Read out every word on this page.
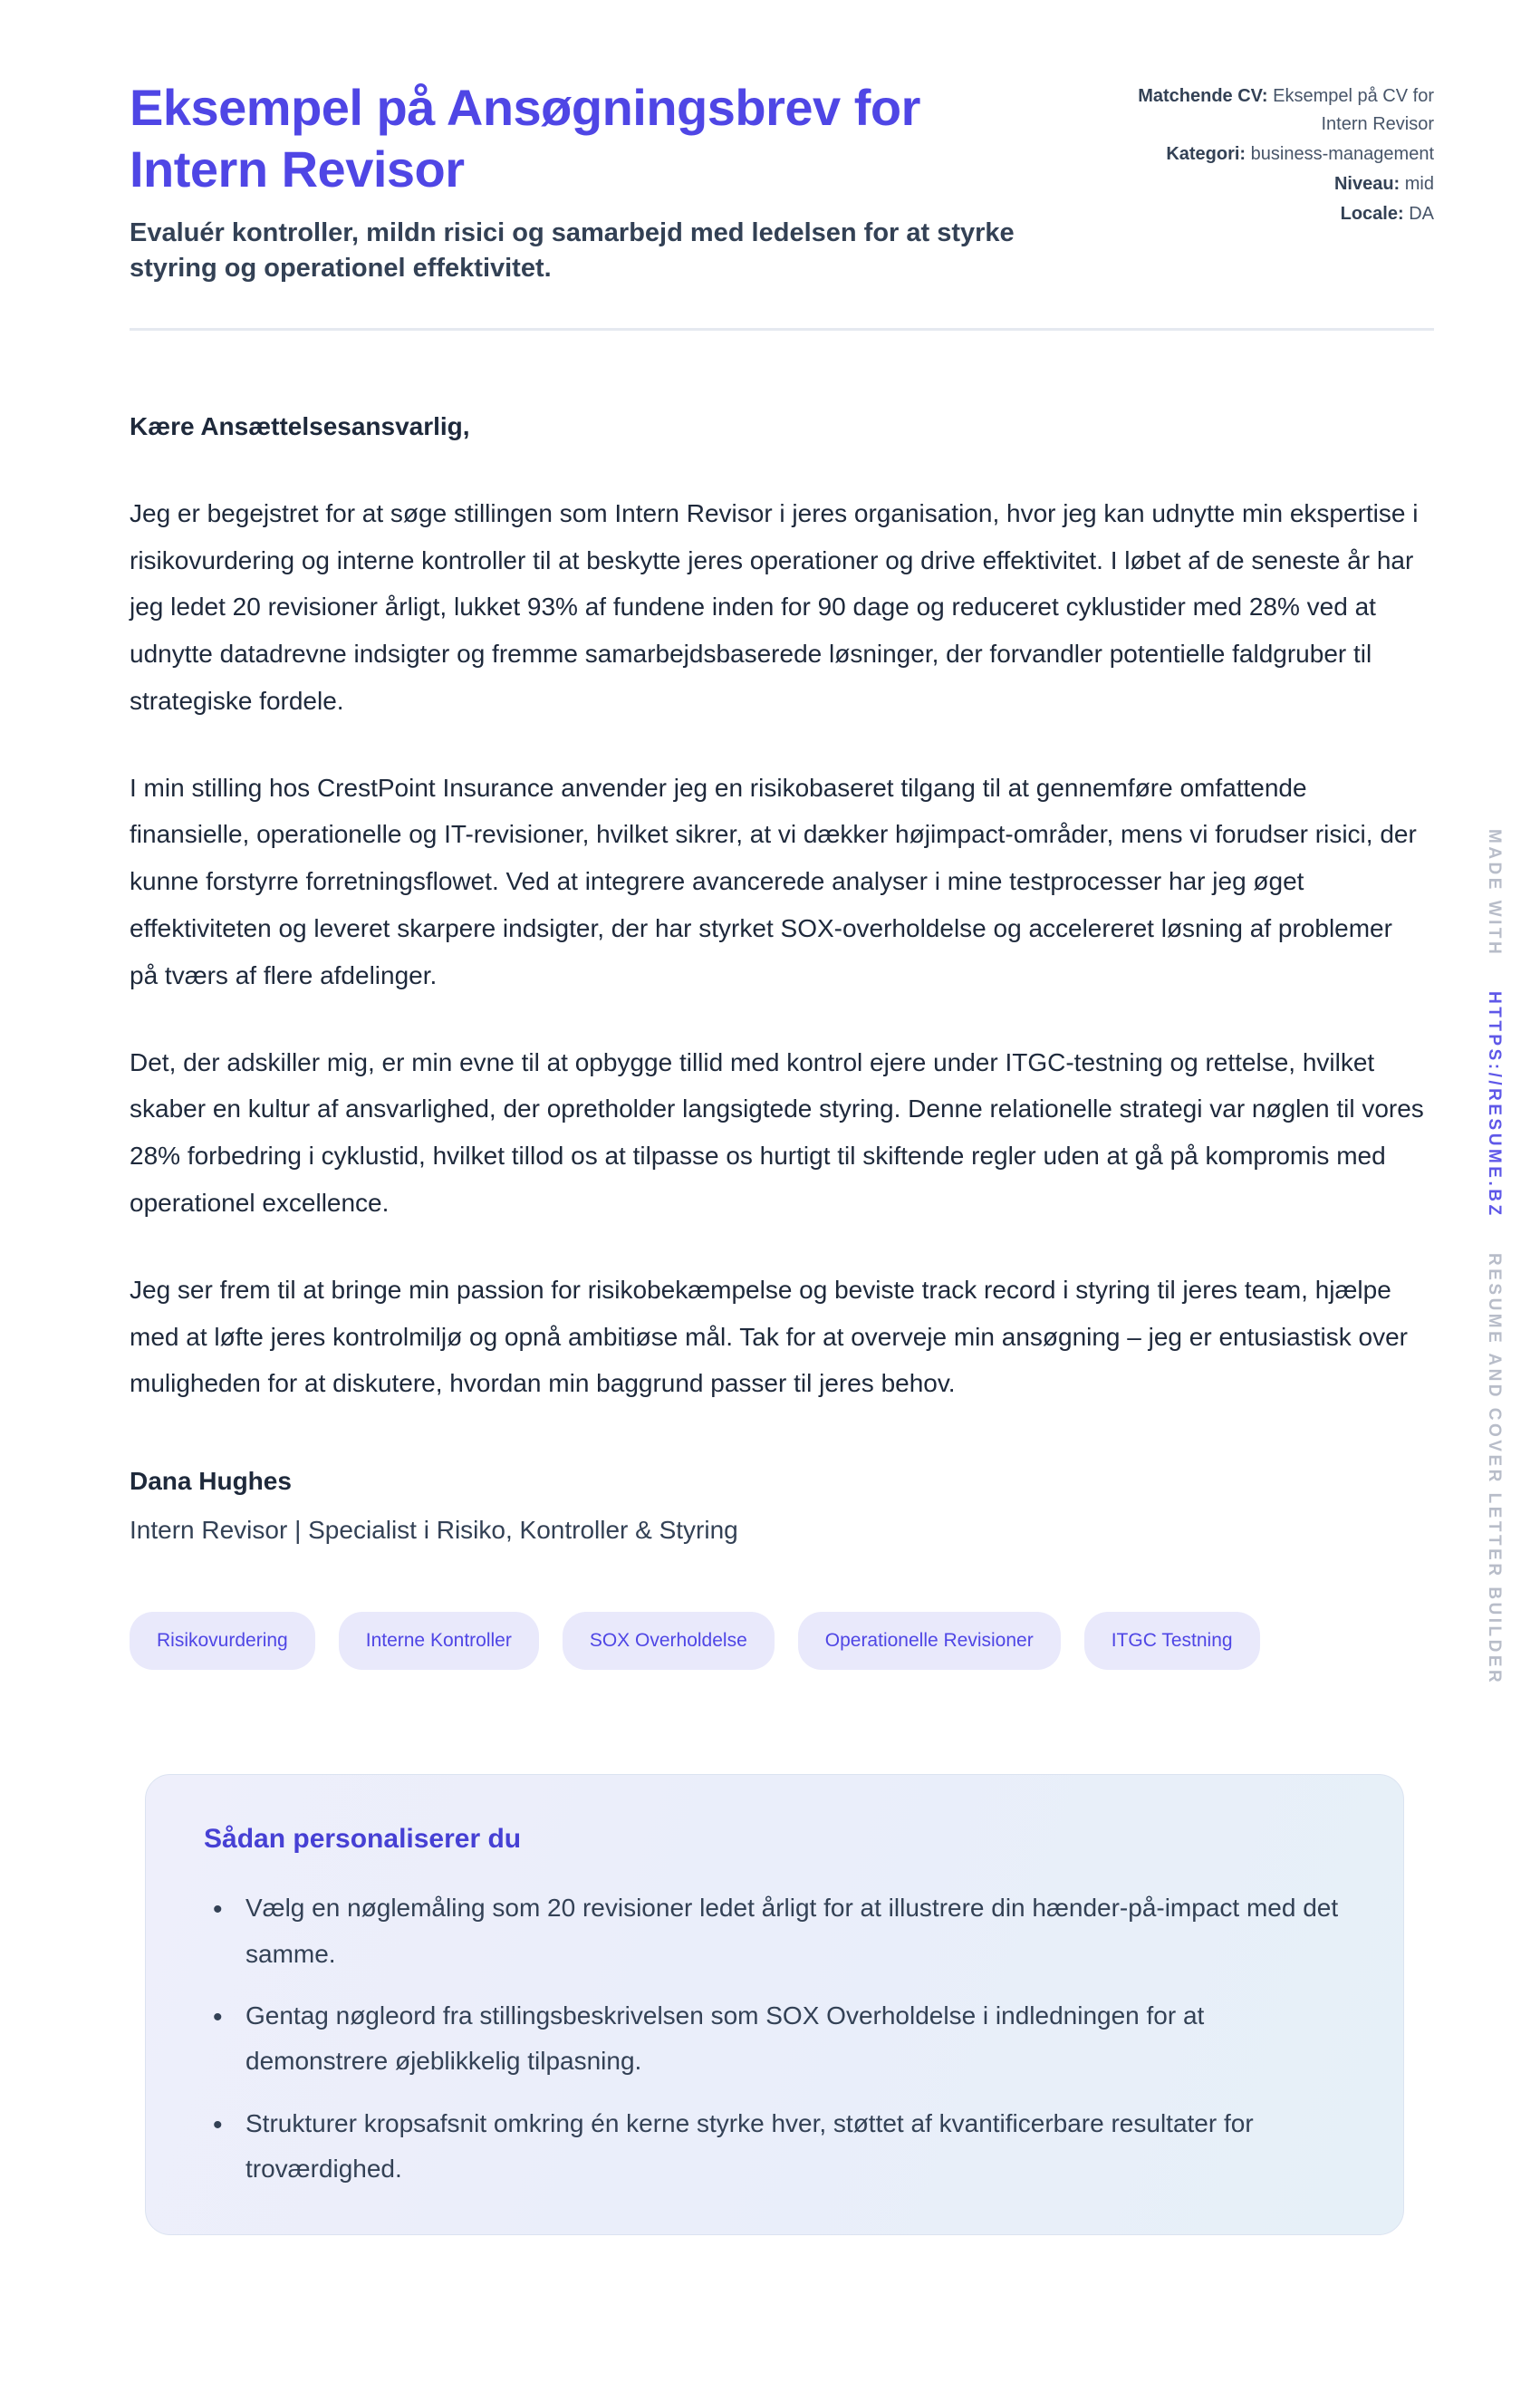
Eksempel på Ansøgningsbrev for Intern Revisor

Evaluér kontroller, mildn risici og samarbejd med ledelsen for at styrke styring og operationel effektivitet.

Matchende CV: Eksempel på CV for Intern Revisor
Kategori: business-management
Niveau: mid
Locale: DA

Kære Ansættelsesansvarlig,

Jeg er begejstret for at søge stillingen som Intern Revisor i jeres organisation, hvor jeg kan udnytte min ekspertise i risikovurdering og interne kontroller til at beskytte jeres operationer og drive effektivitet. I løbet af de seneste år har jeg ledet 20 revisioner årligt, lukket 93% af fundene inden for 90 dage og reduceret cyklustider med 28% ved at udnytte datadrevne indsigter og fremme samarbejdsbaserede løsninger, der forvandler potentielle faldgruber til strategiske fordele.

I min stilling hos CrestPoint Insurance anvender jeg en risikobaseret tilgang til at gennemføre omfattende finansielle, operationelle og IT-revisioner, hvilket sikrer, at vi dækker højimpact-områder, mens vi forudser risici, der kunne forstyrre forretningsflowet. Ved at integrere avancerede analyser i mine testprocesser har jeg øget effektiviteten og leveret skarpere indsigter, der har styrket SOX-overholdelse og accelereret løsning af problemer på tværs af flere afdelinger.

Det, der adskiller mig, er min evne til at opbygge tillid med kontrol ejere under ITGC-testning og rettelse, hvilket skaber en kultur af ansvarlighed, der opretholder langsigtede styring. Denne relationelle strategi var nøglen til vores 28% forbedring i cyklustid, hvilket tillod os at tilpasse os hurtigt til skiftende regler uden at gå på kompromis med operationel excellence.

Jeg ser frem til at bringe min passion for risikobekæmpelse og beviste track record i styring til jeres team, hjælpe med at løfte jeres kontrolmiljø og opnå ambitiøse mål. Tak for at overveje min ansøgning – jeg er entusiastisk over muligheden for at diskutere, hvordan min baggrund passer til jeres behov.

Dana Hughes

Intern Revisor | Specialist i Risiko, Kontroller & Styring

Risikovurdering	Interne Kontroller	SOX Overholdelse	Operationelle Revisioner	ITGC Testning
Sådan personaliserer du
• Vælg en nøglemåling som 20 revisioner ledet årligt for at illustrere din hænder-på-impact med det samme.
• Gentag nøgleord fra stillingsbeskrivelsen som SOX Overholdelse i indledningen for at demonstrere øjeblikkelig tilpasning.
• Strukturer kropsafsnit omkring én kerne styrke hver, støttet af kvantificerbare resultater for troværdighed.
MADE WITHHTTPS://RESUME.BZRESUME AND COVER LETTER BUILDER
